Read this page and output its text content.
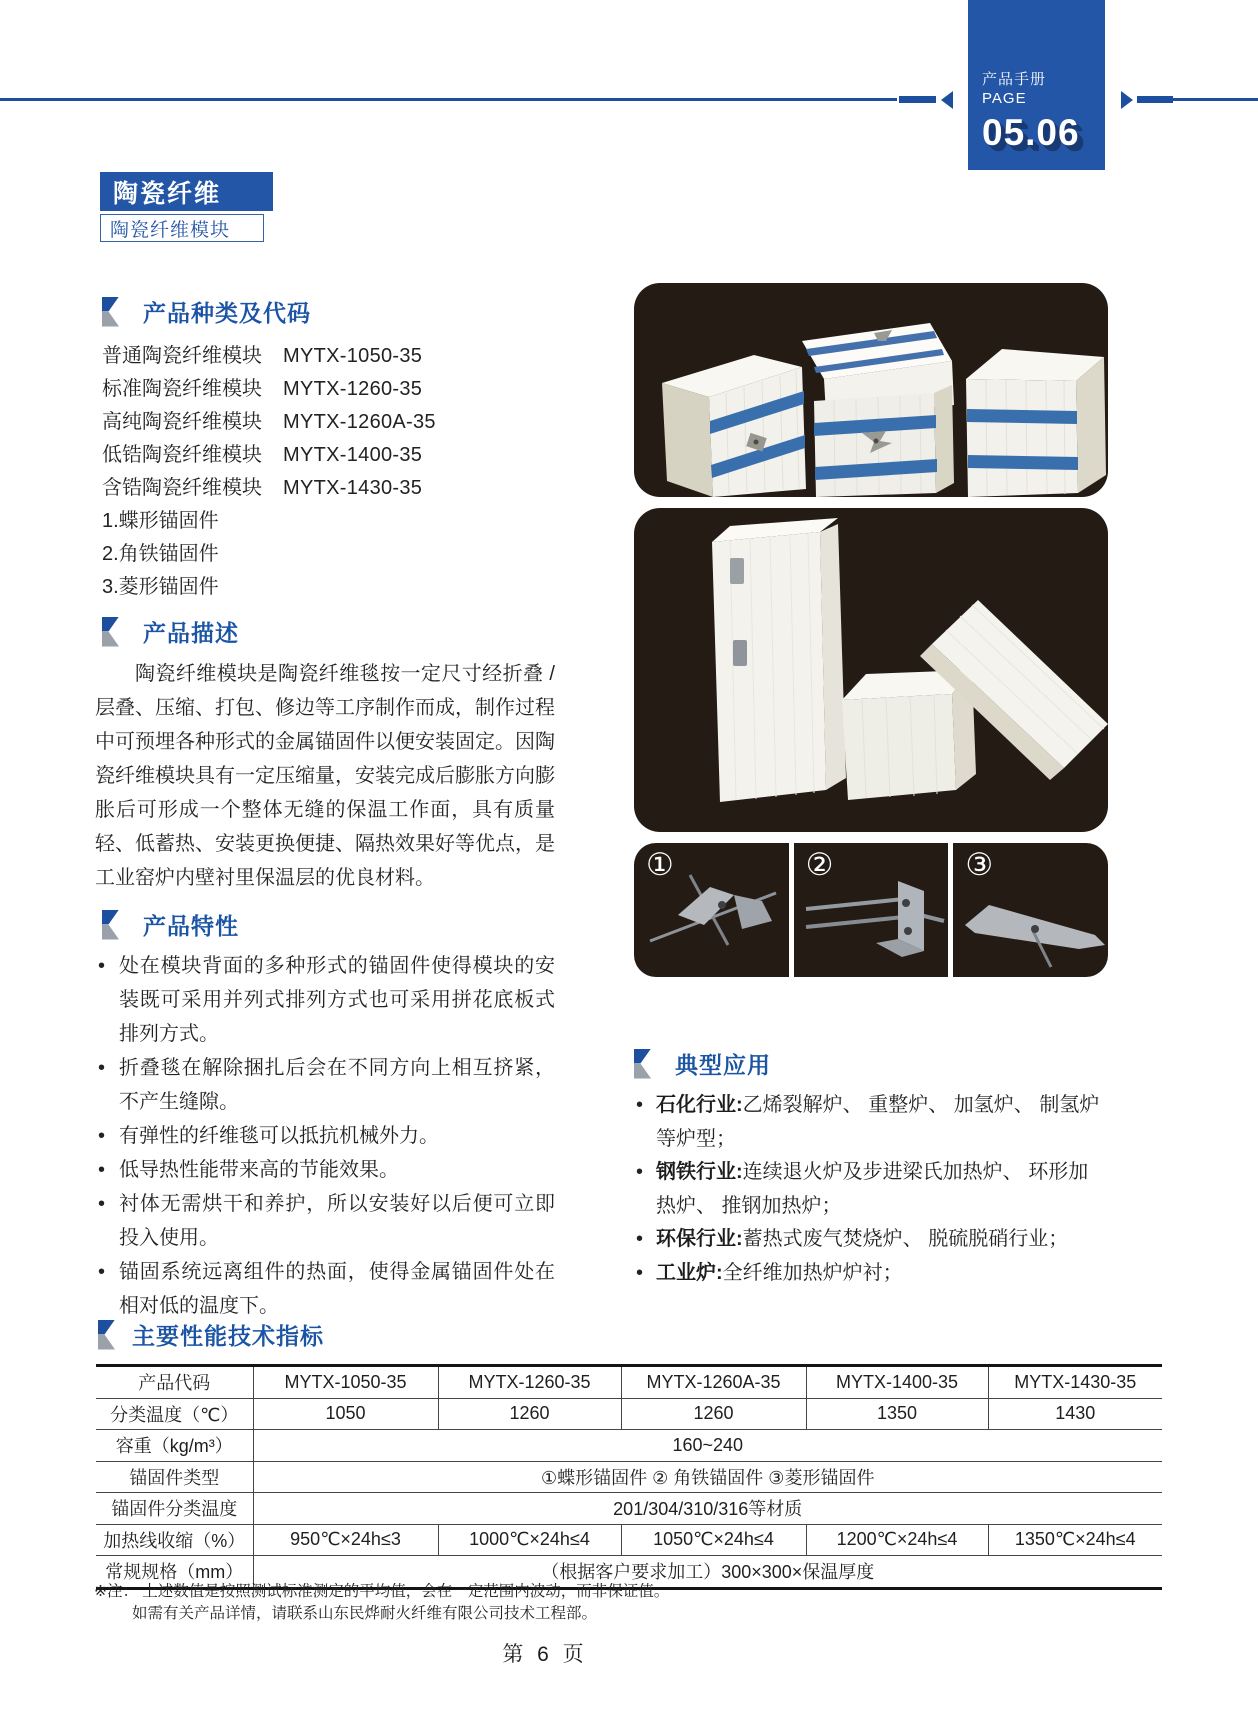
产品手册
PAGE
05.06
陶瓷纤维
陶瓷纤维模块
产品种类及代码
普通陶瓷纤维模块	MYTX-1050-35
标准陶瓷纤维模块	MYTX-1260-35
高纯陶瓷纤维模块	MYTX-1260A-35
低锆陶瓷纤维模块	MYTX-1400-35
含锆陶瓷纤维模块	MYTX-1430-35
1.蝶形锚固件
2.角铁锚固件
3.菱形锚固件
产品描述

陶瓷纤维模块是陶瓷纤维毯按一定尺寸经折叠 / 层叠、压缩、打包、修边等工序制作而成，制作过程中可预埋各种形式的金属锚固件以便安装固定。因陶瓷纤维模块具有一定压缩量，安装完成后膨胀方向膨胀后可形成一个整体无缝的保温工作面，具有质量轻、低蓄热、安装更换便捷、隔热效果好等优点，是工业窑炉内壁衬里保温层的优良材料。

产品特性
• 处在模块背面的多种形式的锚固件使得模块的安装既可采用并列式排列方式也可采用拼花底板式排列方式。
• 折叠毯在解除捆扎后会在不同方向上相互挤紧，不产生缝隙。
• 有弹性的纤维毯可以抵抗机械外力。
• 低导热性能带来高的节能效果。
• 衬体无需烘干和养护，所以安装好以后便可立即投入使用。
• 锚固系统远离组件的热面，使得金属锚固件处在相对低的温度下。
①	②	③
典型应用
• 石化行业:乙烯裂解炉、 重整炉、 加氢炉、 制氢炉等炉型；
• 钢铁行业:连续退火炉及步进梁氏加热炉、 环形加热炉、 推钢加热炉；
• 环保行业:蓄热式废气焚烧炉、 脱硫脱硝行业；
• 工业炉:全纤维加热炉炉衬；
主要性能技术指标
产品代码	MYTX-1050-35	MYTX-1260-35	MYTX-1260A-35	MYTX-1400-35	MYTX-1430-35
分类温度（℃）	1050	1260	1260	1350	1430
容重（kg/m³）	160~240				
锚固件类型	①蝶形锚固件 ② 角铁锚固件 ③菱形锚固件				
锚固件分类温度	201/304/310/316等材质				
加热线收缩（%）	950℃×24h≤3	1000℃×24h≤4	1050℃×24h≤4	1200℃×24h≤4	1350℃×24h≤4
常规规格（mm）	（根据客户要求加工）300×300×保温厚度				
※注： 上述数值是按照测试标准测定的平均值，会在一定范围内波动，而非保证值。
如需有关产品详情，请联系山东民烨耐火纤维有限公司技术工程部。
第 6 页
